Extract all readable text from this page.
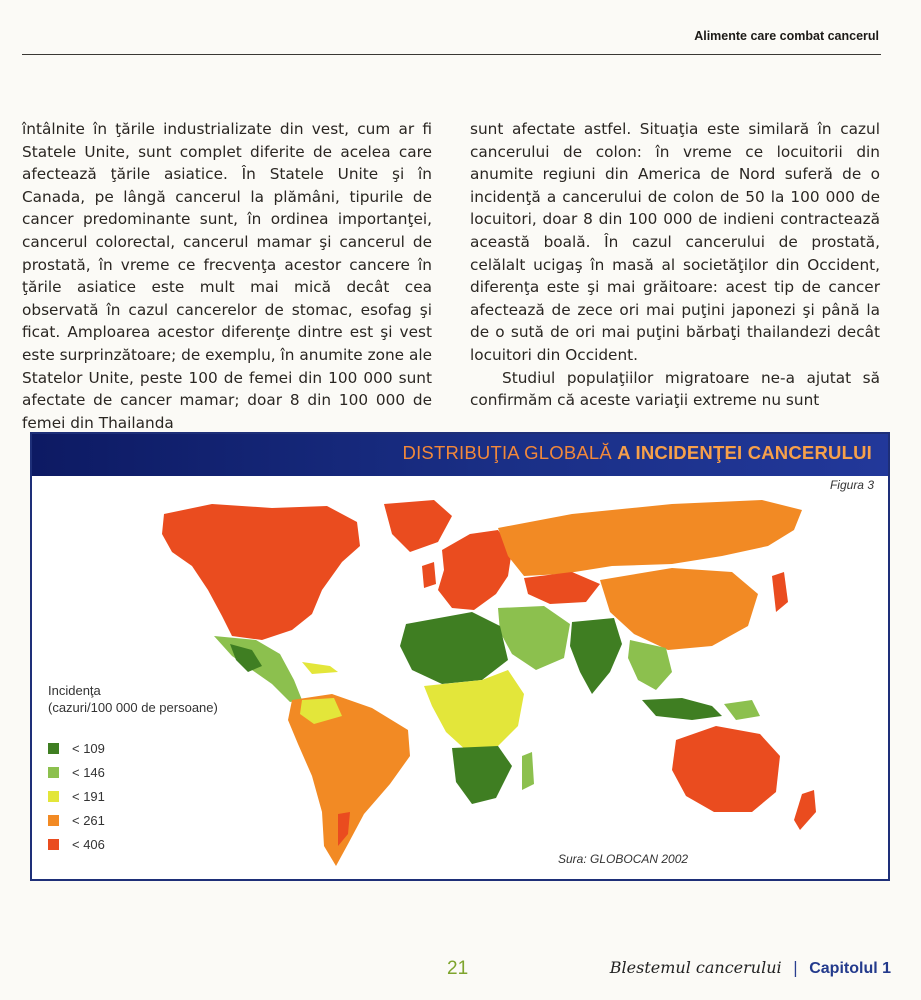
Alimente care combat cancerul

întâlnite în ţările industrializate din vest, cum ar fi Statele Unite, sunt complet diferite de acelea care afectează ţările asiatice. În Statele Unite şi în Canada, pe lângă cancerul la plămâni, tipurile de cancer predominante sunt, în ordinea importanţei, cancerul colorectal, cancerul mamar şi cancerul de prostată, în vreme ce frecvenţa acestor cancere în ţările asiatice este mult mai mică decât cea observată în cazul cancerelor de stomac, esofag şi ficat. Amploarea acestor diferenţe dintre est şi vest este surprinzătoare; de exemplu, în anumite zone ale Statelor Unite, peste 100 de femei din 100 000 sunt afectate de cancer mamar; doar 8 din 100 000 de femei din Thailanda

sunt afectate astfel. Situaţia este similară în cazul cancerului de colon: în vreme ce locuitorii din anumite regiuni din America de Nord suferă de o incidenţă a cancerului de colon de 50 la 100 000 de locuitori, doar 8 din 100 000 de indieni contractează această boală. În cazul cancerului de prostată, celălalt ucigaş în masă al societăţilor din Occident, diferenţa este şi mai grăitoare: acest tip de cancer afectează de zece ori mai puţini japonezi şi până la de o sută de ori mai puţini bărbaţi thailandezi decât locuitori din Occident.

Studiul populaţiilor migratoare ne-a ajutat să confirmăm că aceste variaţii extreme nu sunt

DISTRIBUŢIA GLOBALĂ A INCIDENŢEI CANCERULUI
Figura 3
Incidenţa
(cazuri/100 000 de persoane)
< 109
< 146
< 191
< 261
< 406
Sura: GLOBOCAN 2002
21	Blestemul cancerului | Capitolul 1
